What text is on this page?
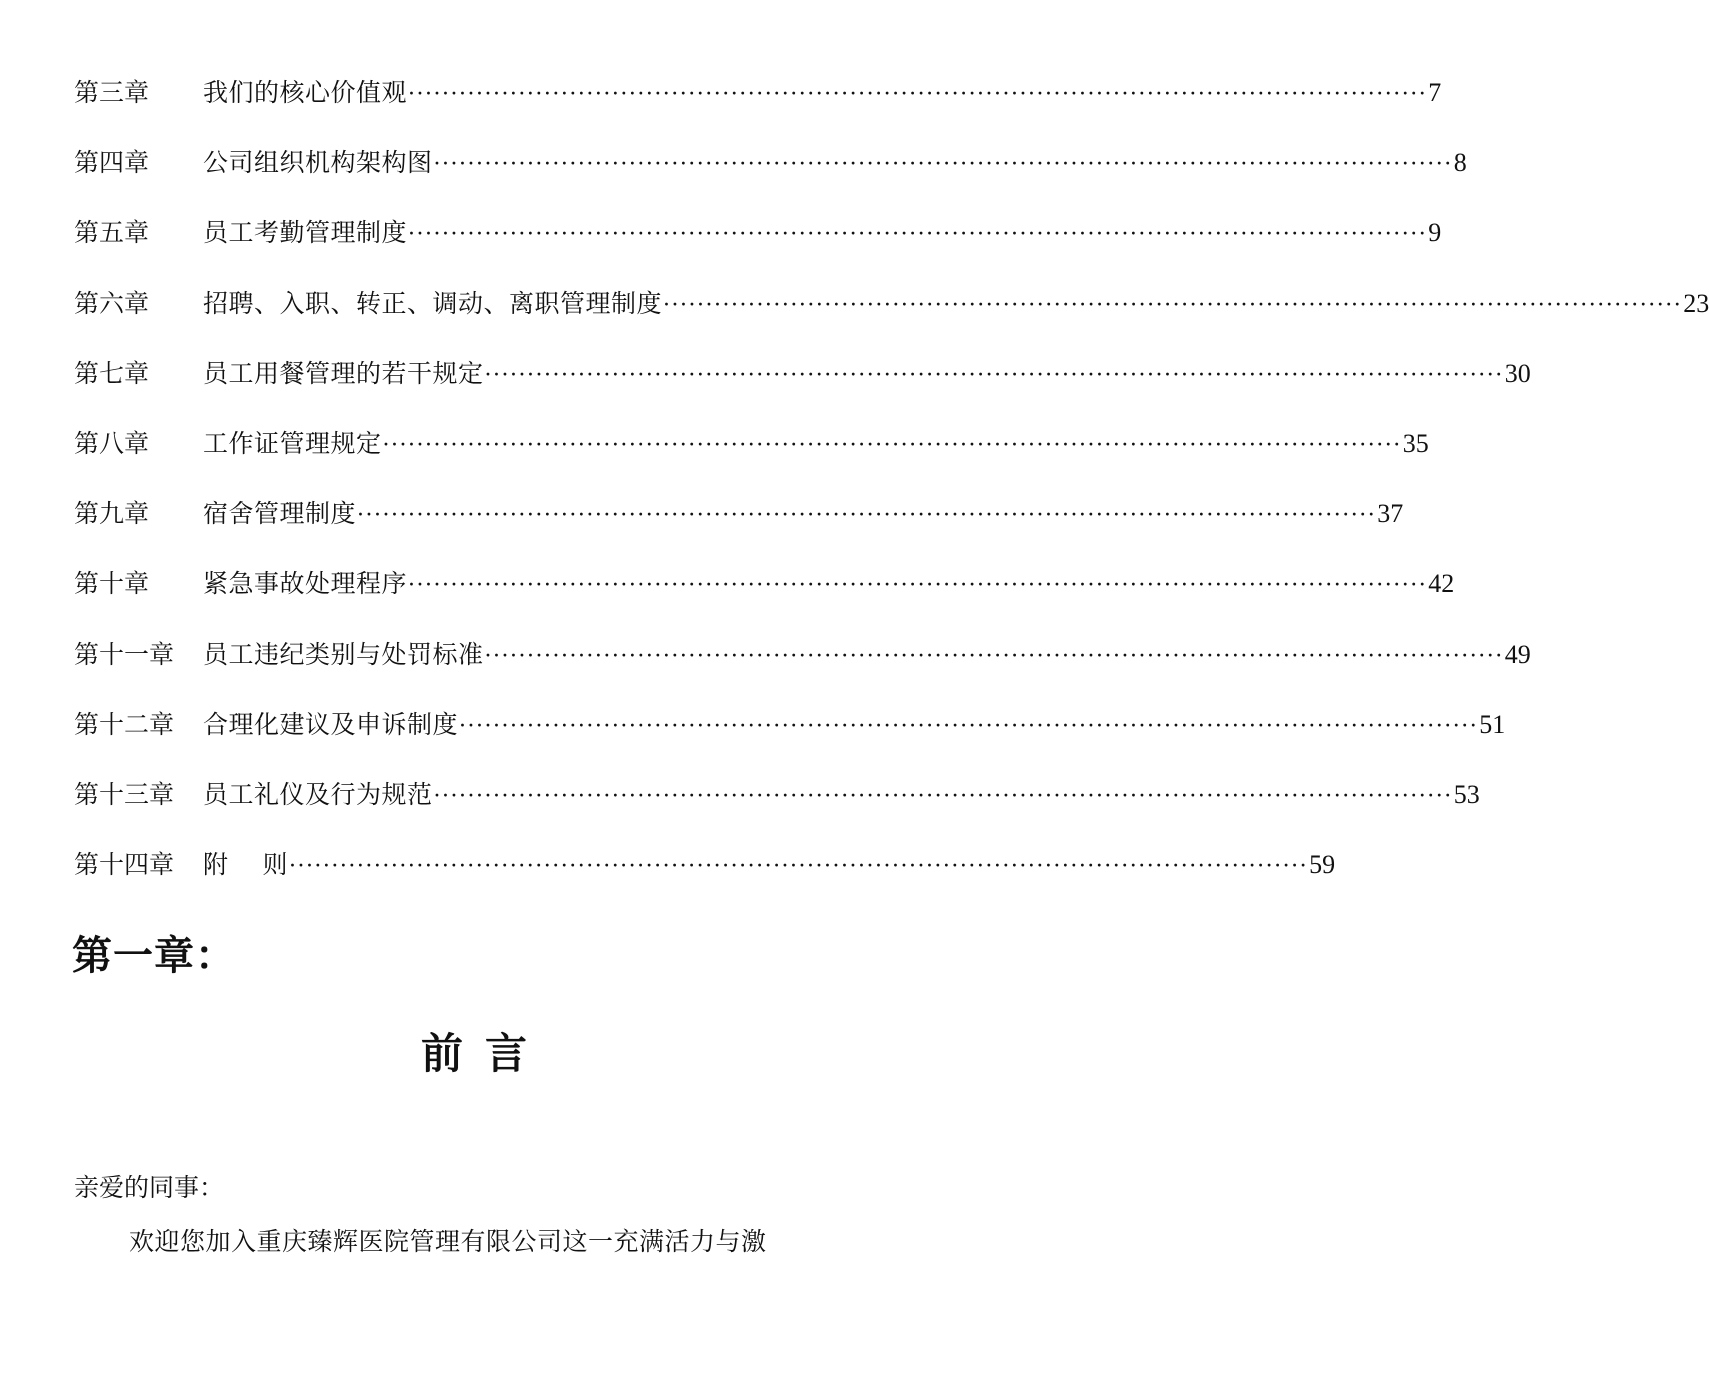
第三章	我们的核心价值观 ························································································································ 7
第四章	公司组织机构架构图 ························································································································ 8
第五章	员工考勤管理制度 ························································································································ 9
第六章	招聘、入职、转正、调动、离职管理制度 ························································································································ 23
第七章	员工用餐管理的若干规定 ························································································································ 30
第八章	工作证管理规定 ························································································································ 35
第九章	宿舍管理制度 ························································································································ 37
第十章	紧急事故处理程序 ························································································································ 42
第十一章	员工违纪类别与处罚标准 ························································································································ 49
第十二章	合理化建议及申诉制度 ························································································································ 51
第十三章	员工礼仪及行为规范 ························································································································ 53
第十四章	附　 则 ························································································································ 59
第一章：
前言

亲爱的同事：

欢迎您加入重庆臻辉医院管理有限公司这一充满活力与激
